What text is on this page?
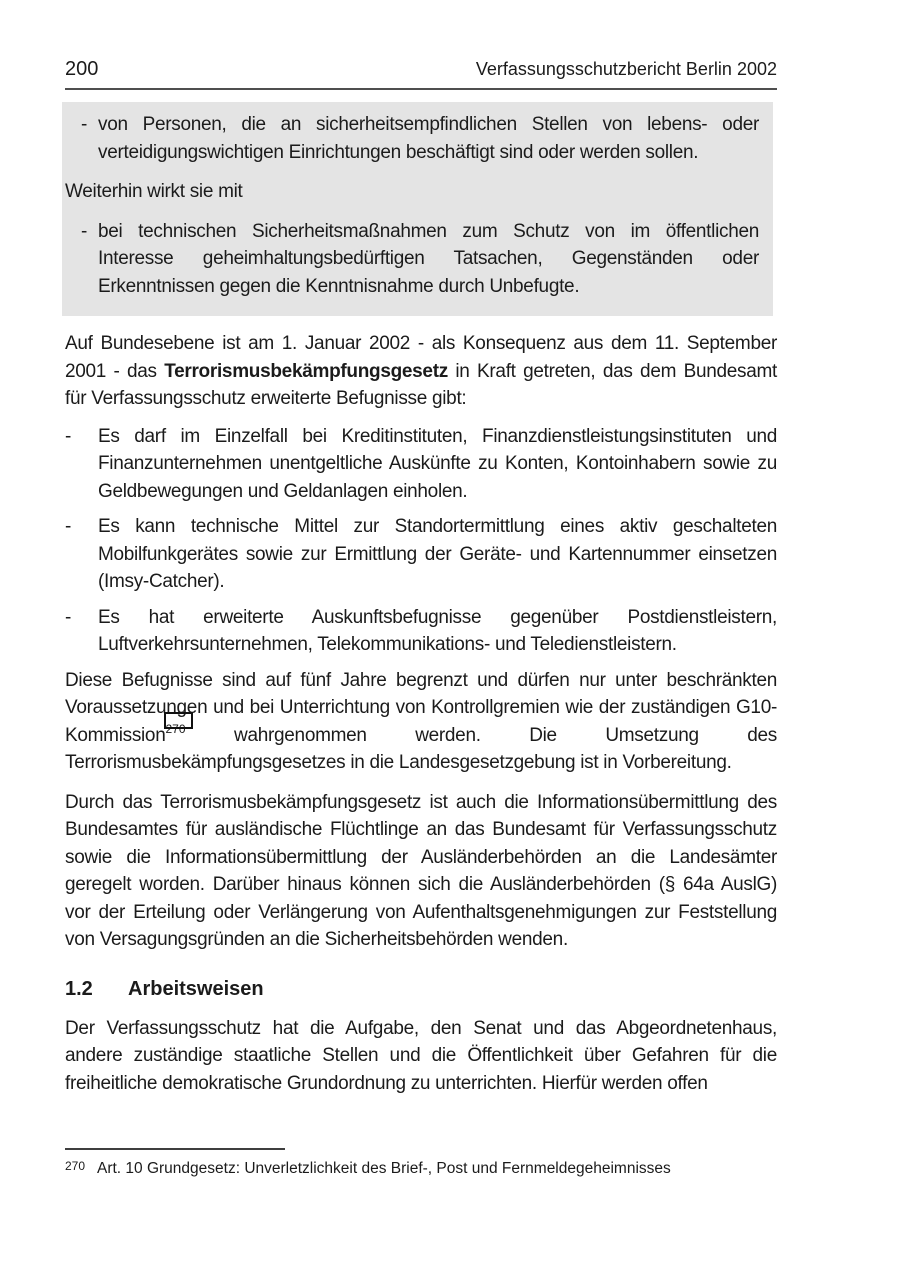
200	Verfassungsschutzbericht Berlin 2002
- von Personen, die an sicherheitsempfindlichen Stellen von lebens- oder verteidigungswichtigen Einrichtungen beschäftigt sind oder werden sollen.
Weiterhin wirkt sie mit
- bei technischen Sicherheitsmaßnahmen zum Schutz von im öffentlichen Interesse geheimhaltungsbedürftigen Tatsachen, Gegenständen oder Erkenntnissen gegen die Kenntnisnahme durch Unbefugte.

Auf Bundesebene ist am 1. Januar 2002 - als Konsequenz aus dem 11. September 2001 - das Terrorismusbekämpfungsgesetz in Kraft getreten, das dem Bundesamt für Verfassungsschutz erweiterte Befugnisse gibt:

- Es darf im Einzelfall bei Kreditinstituten, Finanzdienstleistungsinstituten und Finanzunternehmen unentgeltliche Auskünfte zu Konten, Kontoinhabern sowie zu Geldbewegungen und Geldanlagen einholen.
- Es kann technische Mittel zur Standortermittlung eines aktiv geschalteten Mobilfunkgerätes sowie zur Ermittlung der Geräte- und Kartennummer einsetzen (Imsy-Catcher).
- Es hat erweiterte Auskunftsbefugnisse gegenüber Postdienstleistern, Luftverkehrsunternehmen, Telekommunikations- und Teledienstleistern.

Diese Befugnisse sind auf fünf Jahre begrenzt und dürfen nur unter beschränkten Voraussetzungen und bei Unterrichtung von Kontrollgremien wie der zuständigen G10-Kommission$^{270}$ wahrgenommen werden. Die Umsetzung des Terrorismusbekämpfungsgesetzes in die Landesgesetzgebung ist in Vorbereitung.

Durch das Terrorismusbekämpfungsgesetz ist auch die Informationsübermittlung des Bundesamtes für ausländische Flüchtlinge an das Bundesamt für Verfassungsschutz sowie die Informationsübermittlung der Ausländerbehörden an die Landesämter geregelt worden. Darüber hinaus können sich die Ausländerbehörden (§ 64a AuslG) vor der Erteilung oder Verlängerung von Aufenthaltsgenehmigungen zur Feststellung von Versagungsgründen an die Sicherheitsbehörden wenden.

1.2	Arbeitsweisen

Der Verfassungsschutz hat die Aufgabe, den Senat und das Abgeordnetenhaus, andere zuständige staatliche Stellen und die Öffentlichkeit über Gefahren für die freiheitliche demokratische Grundordnung zu unterrichten. Hierfür werden offen

270 Art. 10 Grundgesetz: Unverletzlichkeit des Brief-, Post und Fernmeldegeheimnisses
